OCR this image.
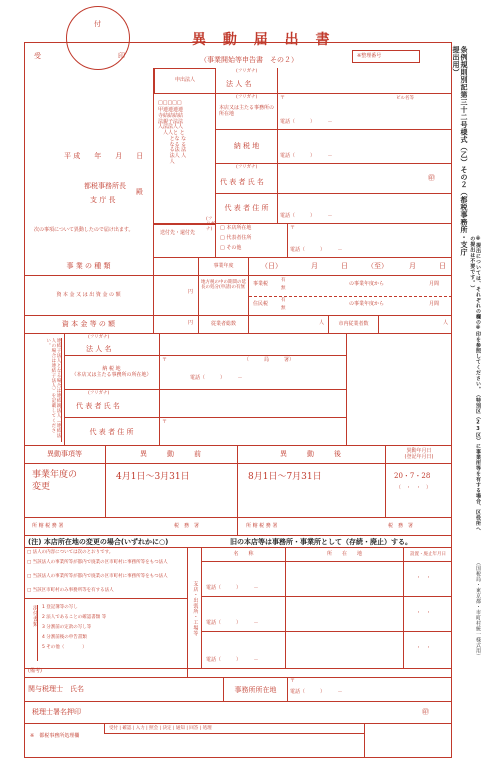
付
受	印
異 動 届 出 書
（事業開始等申告書　その２）	※整理番号
平 成　　年　　月　　日
都税事務所長
支 庁 長
殿
次の事項について異動したので届け出ます。
申出法人
□□□□□
甲連連連連
寺結結結結
法親子法法
人法法人人
　人人と と
　　 とな な
　　 なる る
　　 る法 法
　　 法人 人
　　 人
(フリガナ)
法 人 名
(フリガナ)
本店又は主たる事務所の所在地
〒	ビル名等
電話（　　　）　　　－
納 税 地
電話（　　　）　　　－
(フリガナ)
代 表 者 氏 名	㊞
代 表 者 住 所
電話（　　　）　　　－
(フリガナ)
送付先・還付先
□ 本店所在地
□ 代表者住所
□ その他
〒
電話（　　　）　　　－
事 業 の 種 類	事業年度	（日）	月	日	（至）	月	日
資 本 金 又 は 出 資 金 の 額	円
地方税の中の期間の延長の処分(申請)の有無
事業税
有
無
の事業年度から	月間
住民税
有
無
の事業年度から	月間
資 本 金 等 の 額	円	従業者総数	人	市内従業者数	人
連結子法人となる場合は連結親法人（連結法人の場合は連結子法人）を記載してください。
(フリガナ)
法 人 名
納 税 地
（本店又は主たる事務所の所在地）
(フリガナ)
代 表 者 氏 名
代 表 者 住 所
〒	（　　　局　　　署）
電話（　　　）　　　－
〒
異動事項等	異　　動　　前	異　　動　　後	異動年月日
(登記年月日)
事業年度の
変更
4月1日～3月31日	8月1日～7月31日	20・7・28
（　・　・　）
所 轄 税 務 署	税　務　署	所 轄 税 務 署	税　務　署
(注) 本店所在地の変更の場合(いずれかに○)	旧の本店等は事務所・事業所として（存続・廃止）する。
□ 法人の内容については次のとおりです。
□ 当該法人の事業所等が都内で廃業の区市町村に事務所等をもつ法人
□ 当該法人の事業所等が都内で廃業の区市町村に事務所等をもつ法人
□ 当該区市町村のみ事務所等を有する法人
添付書類 1 登記簿等の写し
2 法人であることの確認書類 等
3 分割前の定款の写し等
4 分割前後の申告書類
5 その他（　　　　）
(備考)
支店・出張所・工場等
名　　称	所　　在　　地	設置・廃止年月日
電話（　　　）　　　－
・　・
電話（　　　）　　　－
・　・
電話（　　　）　　　－
・　・
関与税理士　氏名	事務所所在地
〒
電話（　　　）　　　－
税理士署名押印	㊞
※　都税事務所処理欄
受付 | 確認 | 入力 | 照会 | 決定 | 通知 | 回答 | 処理
条例規則別記第三十二号様式（乙）その２（都税事務所・支庁提出用）
※提出については、それぞれの欄の※印を参照してください。（特別区（23区）に事業所等を有する場合、区役所への提出は不要です。）
（国税局・東京都・市町村統一様式用）
